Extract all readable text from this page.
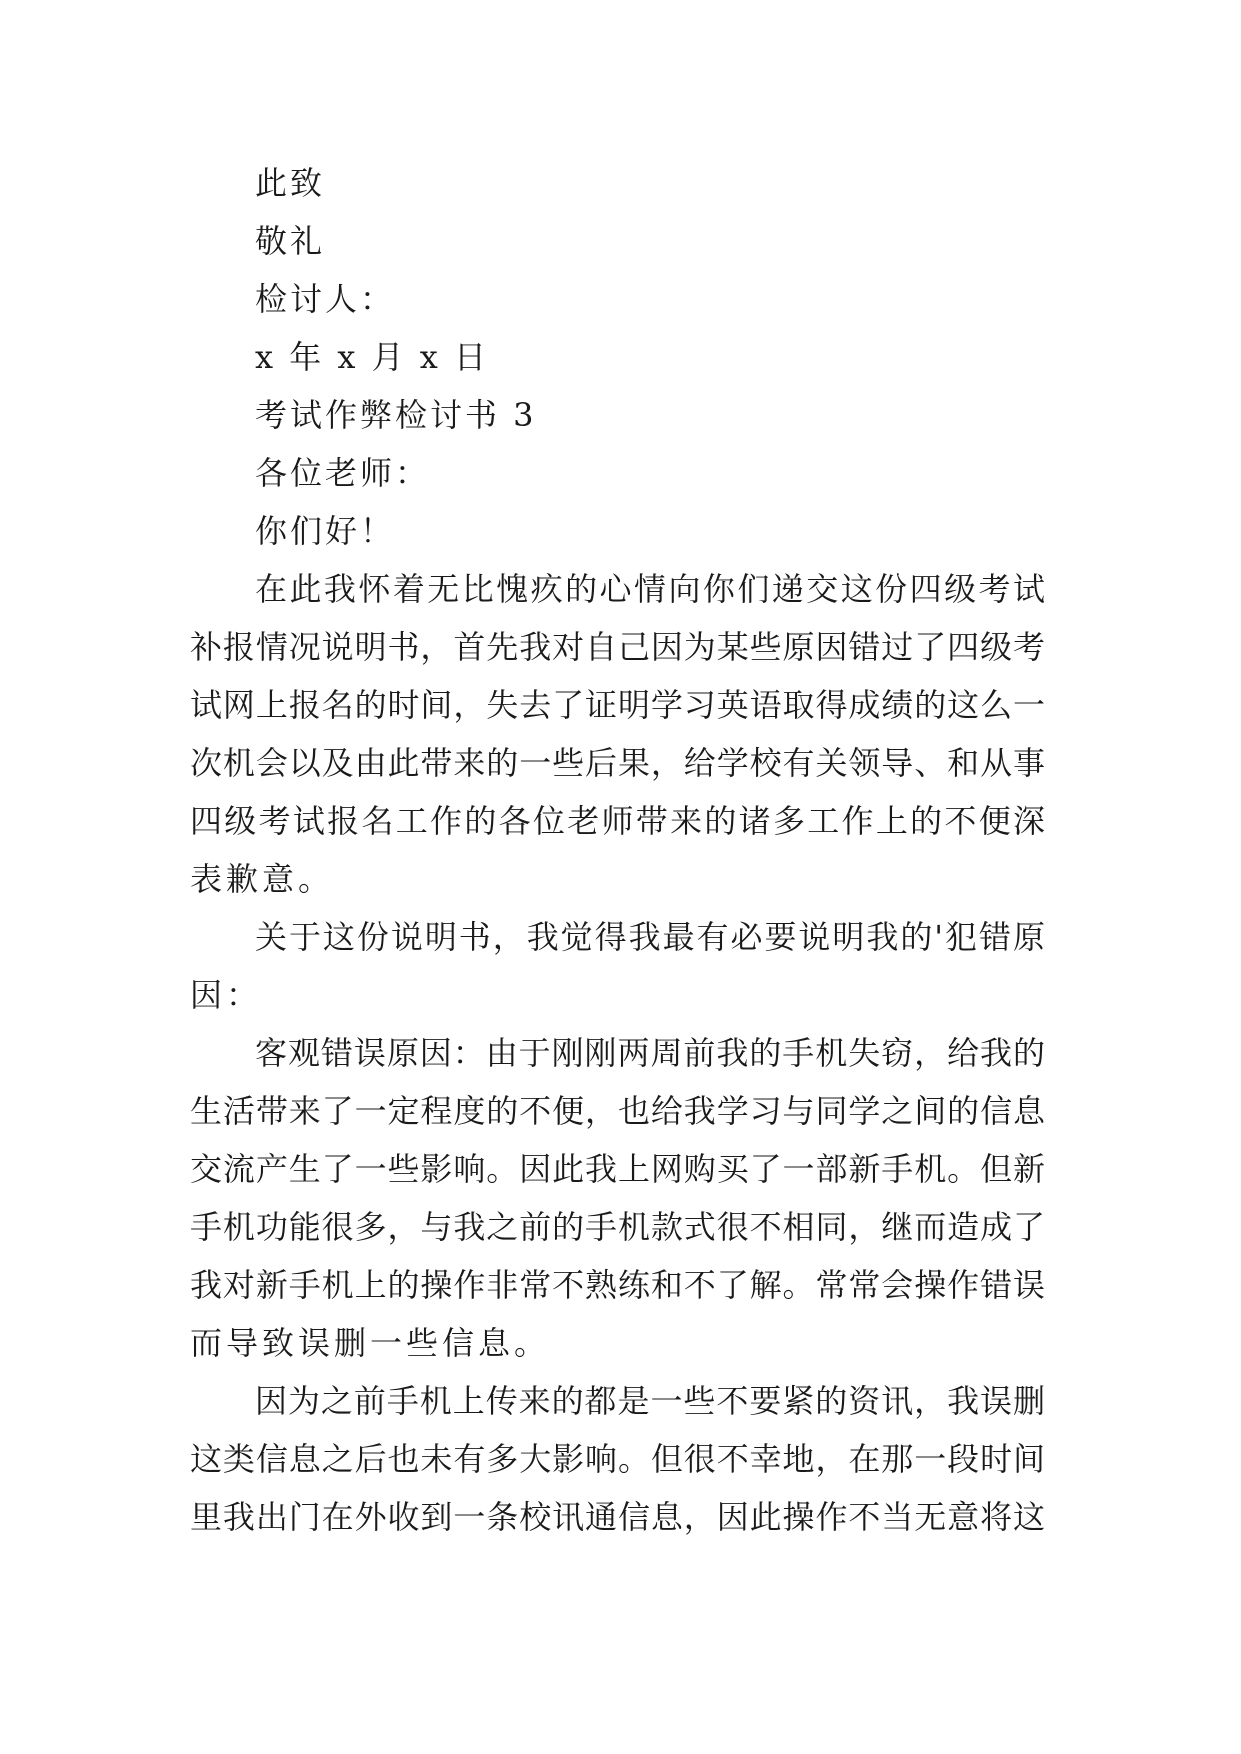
此致
敬礼
检讨人：
x 年 x 月 x 日
考试作弊检讨书 3
各位老师：
你们好！
在此我怀着无比愧疚的心情向你们递交这份四级考试
补报情况说明书，首先我对自己因为某些原因错过了四级考
试网上报名的时间，失去了证明学习英语取得成绩的这么一
次机会以及由此带来的一些后果，给学校有关领导、和从事
四级考试报名工作的各位老师带来的诸多工作上的不便深
表歉意。
关于这份说明书，我觉得我最有必要说明我的'犯错原
因：
客观错误原因：由于刚刚两周前我的手机失窃，给我的
生活带来了一定程度的不便，也给我学习与同学之间的信息
交流产生了一些影响。因此我上网购买了一部新手机。但新
手机功能很多，与我之前的手机款式很不相同，继而造成了
我对新手机上的操作非常不熟练和不了解。常常会操作错误
而导致误删一些信息。
因为之前手机上传来的都是一些不要紧的资讯，我误删
这类信息之后也未有多大影响。但很不幸地，在那一段时间
里我出门在外收到一条校讯通信息，因此操作不当无意将这
